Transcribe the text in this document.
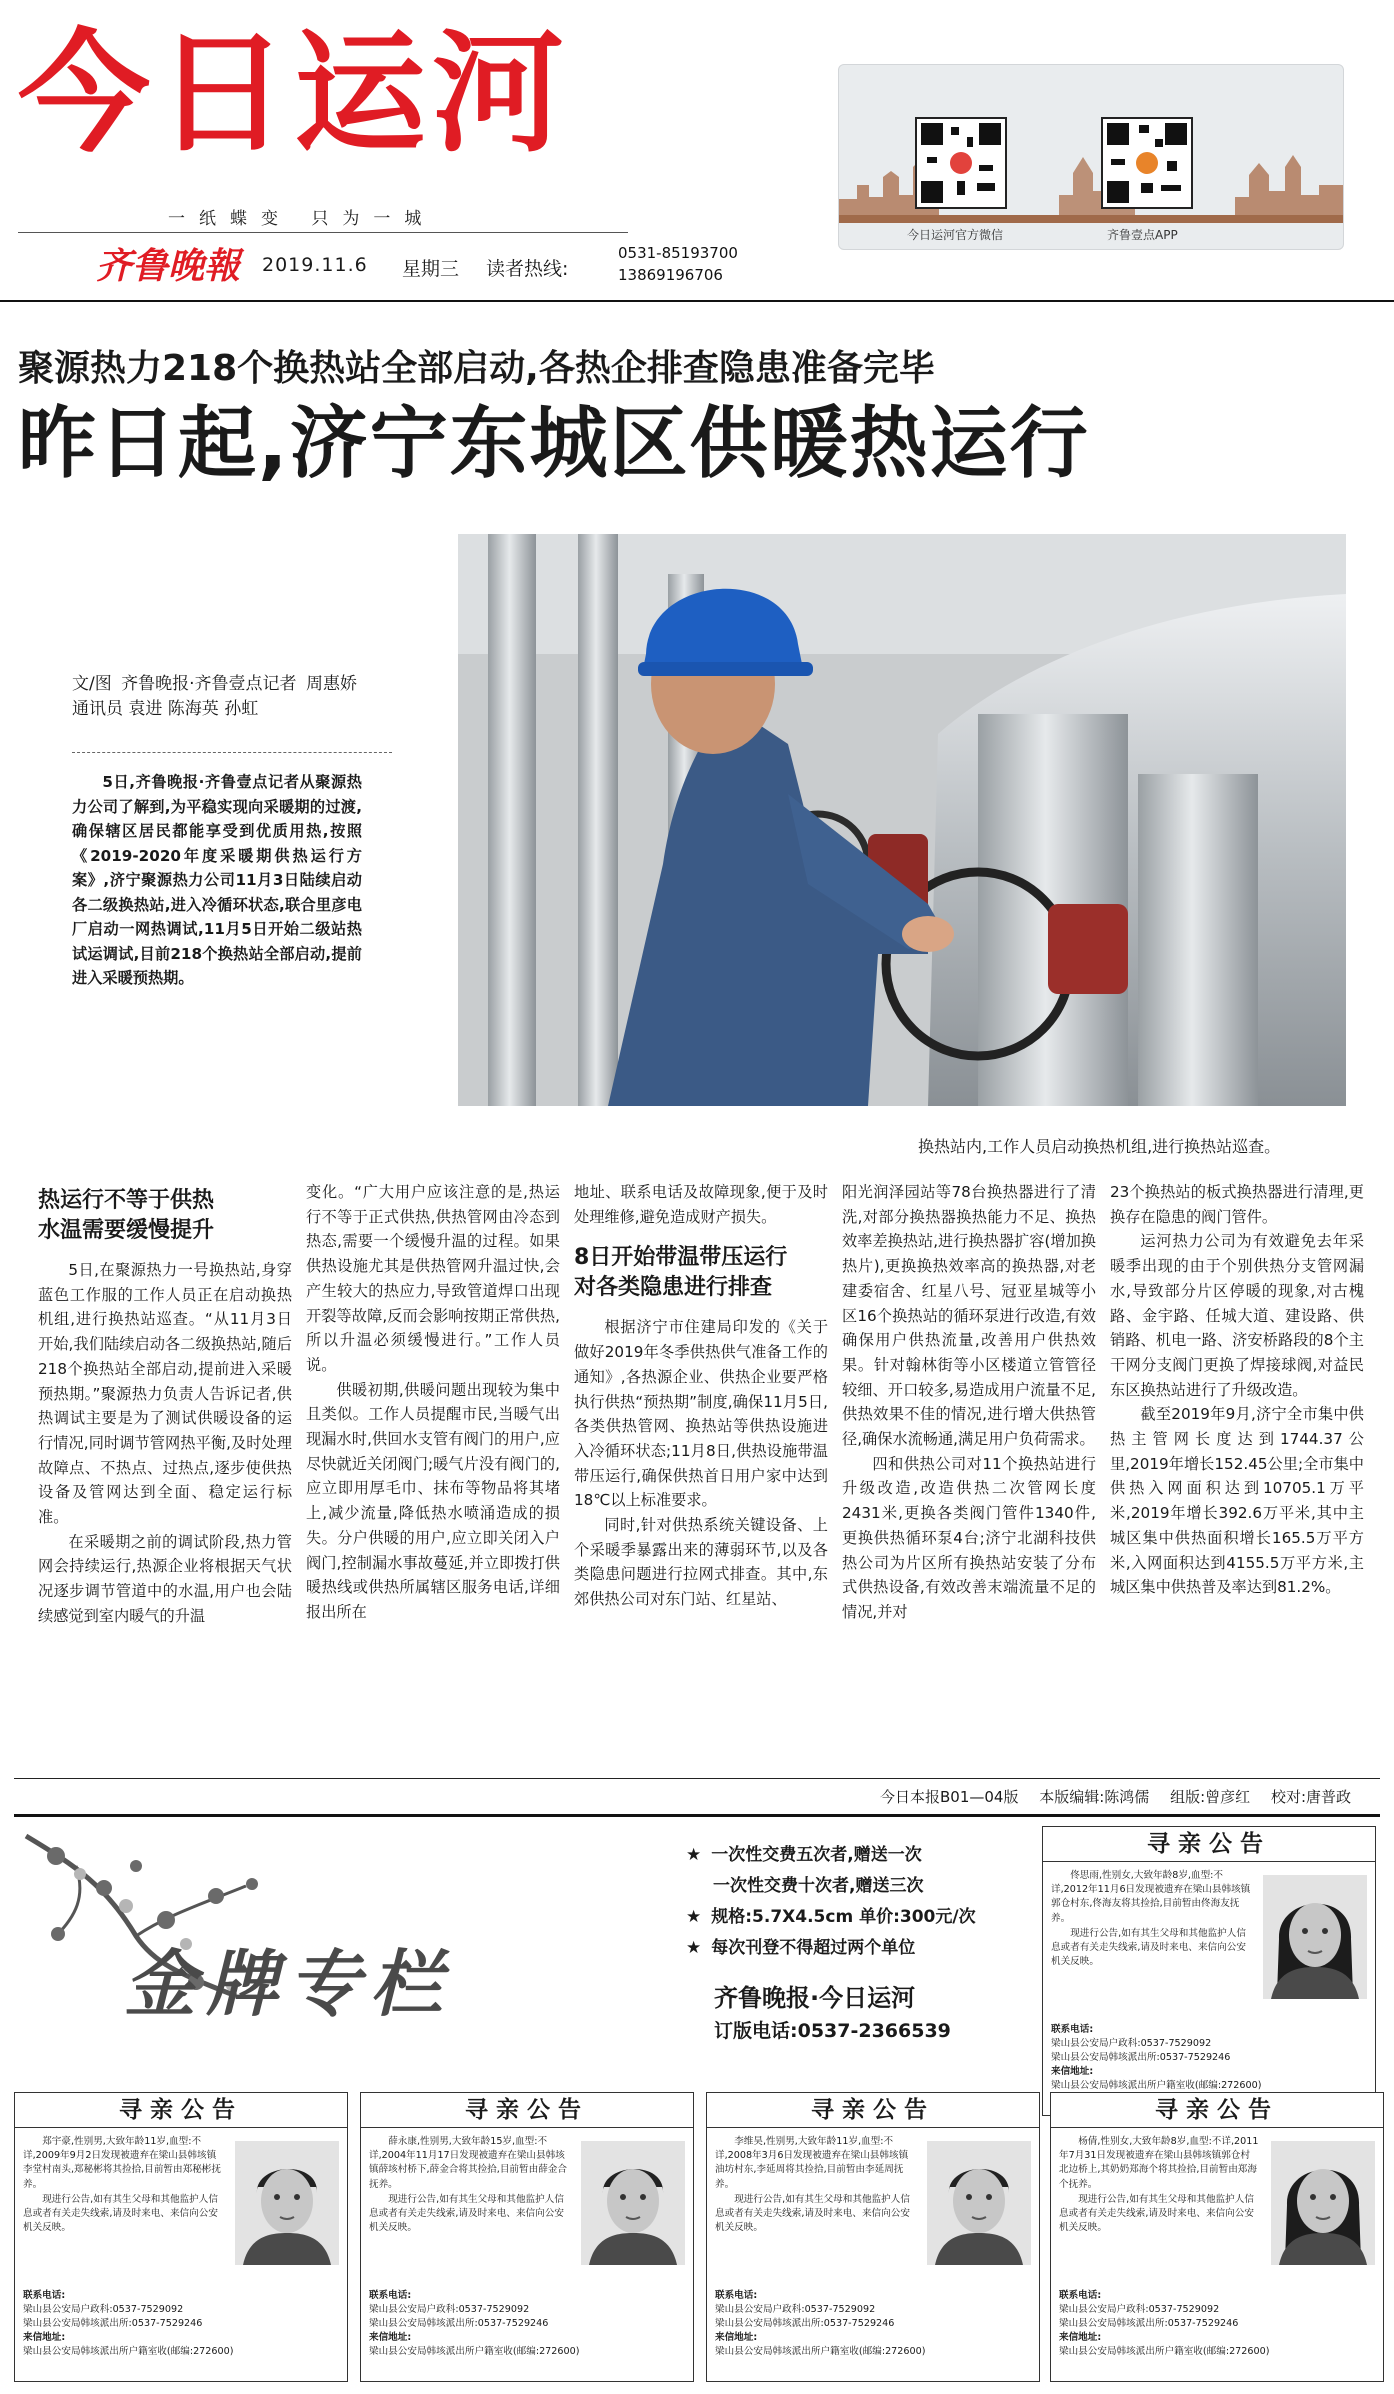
今日运河
一纸蝶变 只为一城
齐鲁晚報 2019.11.6 星期三 读者热线:
0531-85193700
13869196706
今日运河官方微信	齐鲁壹点APP
聚源热力218个换热站全部启动,各热企排查隐患准备完毕
昨日起,济宁东城区供暖热运行
换热站内,工作人员启动换热机组,进行换热站巡查。
文/图 齐鲁晚报·齐鲁壹点记者 周惠娇 通讯员 袁进 陈海英 孙虹
5日,齐鲁晚报·齐鲁壹点记者从聚源热力公司了解到,为平稳实现向采暖期的过渡,确保辖区居民都能享受到优质用热,按照《2019-2020年度采暖期供热运行方案》,济宁聚源热力公司11月3日陆续启动各二级换热站,进入冷循环状态,联合里彦电厂启动一网热调试,11月5日开始二级站热试运调试,目前218个换热站全部启动,提前进入采暖预热期。
热运行不等于供热
水温需要缓慢提升

5日,在聚源热力一号换热站,身穿蓝色工作服的工作人员正在启动换热机组,进行换热站巡查。“从11月3日开始,我们陆续启动各二级换热站,随后218个换热站全部启动,提前进入采暖预热期。”聚源热力负责人告诉记者,供热调试主要是为了测试供暖设备的运行情况,同时调节管网热平衡,及时处理故障点、不热点、过热点,逐步使供热设备及管网达到全面、稳定运行标准。

在采暖期之前的调试阶段,热力管网会持续运行,热源企业将根据天气状况逐步调节管道中的水温,用户也会陆续感觉到室内暖气的升温

变化。“广大用户应该注意的是,热运行不等于正式供热,供热管网由冷态到热态,需要一个缓慢升温的过程。如果供热设施尤其是供热管网升温过快,会产生较大的热应力,导致管道焊口出现开裂等故障,反而会影响按期正常供热,所以升温必须缓慢进行。”工作人员说。

供暖初期,供暖问题出现较为集中且类似。工作人员提醒市民,当暖气出现漏水时,供回水支管有阀门的用户,应尽快就近关闭阀门;暖气片没有阀门的,应立即用厚毛巾、抹布等物品将其堵上,减少流量,降低热水喷涌造成的损失。分户供暖的用户,应立即关闭入户阀门,控制漏水事故蔓延,并立即拨打供暖热线或供热所属辖区服务电话,详细报出所在

地址、联系电话及故障现象,便于及时处理维修,避免造成财产损失。

8日开始带温带压运行
对各类隐患进行排查

根据济宁市住建局印发的《关于做好2019年冬季供热供气准备工作的通知》,各热源企业、供热企业要严格执行供热“预热期”制度,确保11月5日,各类供热管网、换热站等供热设施进入冷循环状态;11月8日,供热设施带温带压运行,确保供热首日用户家中达到18℃以上标准要求。

同时,针对供热系统关键设备、上个采暖季暴露出来的薄弱环节,以及各类隐患问题进行拉网式排查。其中,东郊供热公司对东门站、红星站、

阳光润泽园站等78台换热器进行了清洗,对部分换热器换热能力不足、换热效率差换热站,进行换热器扩容(增加换热片),更换换热效率高的换热器,对老建委宿舍、红星八号、冠亚星城等小区16个换热站的循环泵进行改造,有效确保用户供热流量,改善用户供热效果。针对翰林街等小区楼道立管管径较细、开口较多,易造成用户流量不足,供热效果不佳的情况,进行增大供热管径,确保水流畅通,满足用户负荷需求。

四和供热公司对11个换热站进行升级改造,改造供热二次管网长度2431米,更换各类阀门管件1340件,更换供热循环泵4台;济宁北湖科技供热公司为片区所有换热站安装了分布式供热设备,有效改善末端流量不足的情况,并对

23个换热站的板式换热器进行清理,更换存在隐患的阀门管件。

运河热力公司为有效避免去年采暖季出现的由于个别供热分支管网漏水,导致部分片区停暖的现象,对古槐路、金宇路、任城大道、建设路、供销路、机电一路、济安桥路段的8个主干网分支阀门更换了焊接球阀,对益民东区换热站进行了升级改造。

截至2019年9月,济宁全市集中供热主管网长度达到1744.37公里,2019年增长152.45公里;全市集中供热入网面积达到10705.1万平米,2019年增长392.6万平米,其中主城区集中供热面积增长165.5万平方米,入网面积达到4155.5万平方米,主城区集中供热普及率达到81.2%。

今日本报B01—04版 本版编辑:陈鸿儒 组版:曾彦红 校对:唐普政
金牌专栏
★ 一次性交费五次者,赠送一次
一次性交费十次者,赠送三次
★ 规格:5.7X4.5cm 单价:300元/次
★ 每次刊登不得超过两个单位
齐鲁晚报·今日运河
订版电话:0537-2366539
寻亲公告

佟思雨,性别女,大致年龄8岁,血型:不详,2012年11月6日发现被遗弃在梁山县韩垓镇郭仓村东,佟海友将其捡拾,目前暂由佟海友抚养。

现进行公告,如有其生父母和其他监护人信息或者有关走失线索,请及时来电、来信向公安机关反映。

联系电话:
梁山县公安局户政科:0537-7529092
梁山县公安局韩垓派出所:0537-7529246
来信地址:
梁山县公安局韩垓派出所户籍室收(邮编:272600)
寻亲公告

郑宇豪,性别男,大致年龄11岁,血型:不详,2009年9月2日发现被遗弃在梁山县韩垓镇李堂村南头,郑秘彬将其捡拾,目前暂由郑秘彬抚养。

现进行公告,如有其生父母和其他监护人信息或者有关走失线索,请及时来电、来信向公安机关反映。

联系电话:
梁山县公安局户政科:0537-7529092
梁山县公安局韩垓派出所:0537-7529246
来信地址:
梁山县公安局韩垓派出所户籍室收(邮编:272600)
寻亲公告

薛永康,性别男,大致年龄15岁,血型:不详,2004年11月17日发现被遗弃在梁山县韩垓镇薛垓村桥下,薛金合将其捡拾,目前暂由薛金合抚养。

现进行公告,如有其生父母和其他监护人信息或者有关走失线索,请及时来电、来信向公安机关反映。

联系电话:
梁山县公安局户政科:0537-7529092
梁山县公安局韩垓派出所:0537-7529246
来信地址:
梁山县公安局韩垓派出所户籍室收(邮编:272600)
寻亲公告

李维昊,性别男,大致年龄11岁,血型:不详,2008年3月6日发现被遗弃在梁山县韩垓镇油坊村东,李延周将其捡拾,目前暂由李延周抚养。

现进行公告,如有其生父母和其他监护人信息或者有关走失线索,请及时来电、来信向公安机关反映。

联系电话:
梁山县公安局户政科:0537-7529092
梁山县公安局韩垓派出所:0537-7529246
来信地址:
梁山县公安局韩垓派出所户籍室收(邮编:272600)
寻亲公告

杨倩,性别女,大致年龄8岁,血型:不详,2011年7月31日发现被遗弃在梁山县韩垓镇郭仓村北边桥上,其奶奶郑海个将其捡拾,目前暂由郑海个抚养。

现进行公告,如有其生父母和其他监护人信息或者有关走失线索,请及时来电、来信向公安机关反映。

联系电话:
梁山县公安局户政科:0537-7529092
梁山县公安局韩垓派出所:0537-7529246
来信地址:
梁山县公安局韩垓派出所户籍室收(邮编:272600)
